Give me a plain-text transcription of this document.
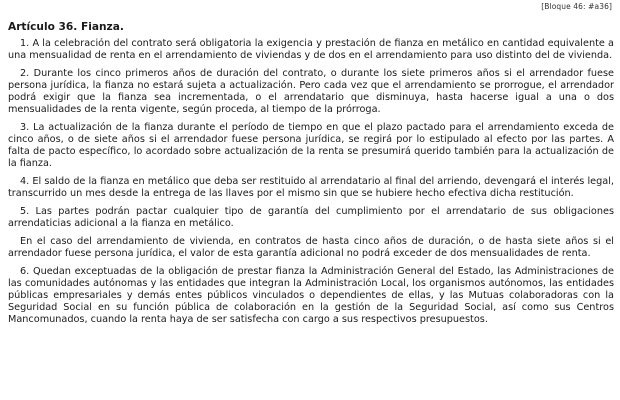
[Bloque 46: #a36]
Artículo 36. Fianza.

1. A la celebración del contrato será obligatoria la exigencia y prestación de fianza en metálico en cantidad equivalente a una mensualidad de renta en el arrendamiento de viviendas y de dos en el arrendamiento para uso distinto del de vivienda.

2. Durante los cinco primeros años de duración del contrato, o durante los siete primeros años si el arrendador fuese persona jurídica, la fianza no estará sujeta a actualización. Pero cada vez que el arrendamiento se prorrogue, el arrendador podrá exigir que la fianza sea incrementada, o el arrendatario que disminuya, hasta hacerse igual a una o dos mensualidades de la renta vigente, según proceda, al tiempo de la prórroga.

3. La actualización de la fianza durante el período de tiempo en que el plazo pactado para el arrendamiento exceda de cinco años, o de siete años si el arrendador fuese persona jurídica, se regirá por lo estipulado al efecto por las partes. A falta de pacto específico, lo acordado sobre actualización de la renta se presumirá querido también para la actualización de la fianza.

4. El saldo de la fianza en metálico que deba ser restituido al arrendatario al final del arriendo, devengará el interés legal, transcurrido un mes desde la entrega de las llaves por el mismo sin que se hubiere hecho efectiva dicha restitución.

5. Las partes podrán pactar cualquier tipo de garantía del cumplimiento por el arrendatario de sus obligaciones arrendaticias adicional a la fianza en metálico.

En el caso del arrendamiento de vivienda, en contratos de hasta cinco años de duración, o de hasta siete años si el arrendador fuese persona jurídica, el valor de esta garantía adicional no podrá exceder de dos mensualidades de renta.

6. Quedan exceptuadas de la obligación de prestar fianza la Administración General del Estado, las Administraciones de las comunidades autónomas y las entidades que integran la Administración Local, los organismos autónomos, las entidades públicas empresariales y demás entes públicos vinculados o dependientes de ellas, y las Mutuas colaboradoras con la Seguridad Social en su función pública de colaboración en la gestión de la Seguridad Social, así como sus Centros Mancomunados, cuando la renta haya de ser satisfecha con cargo a sus respectivos presupuestos.
